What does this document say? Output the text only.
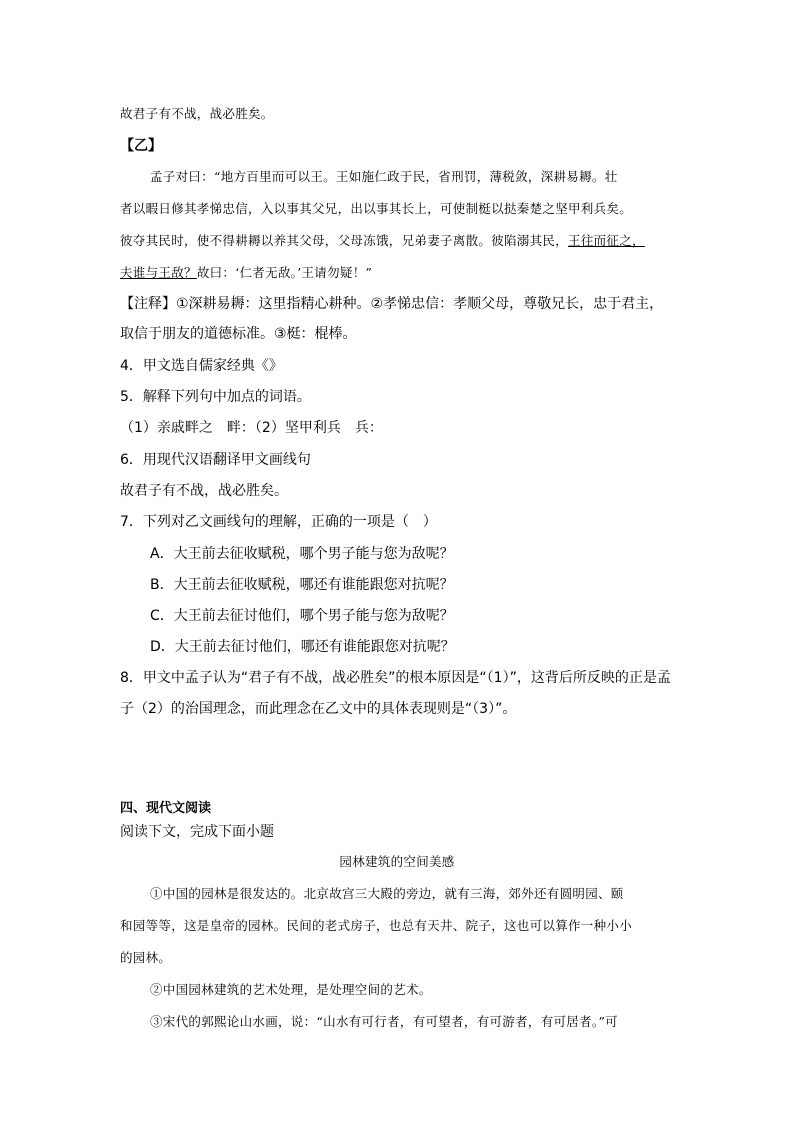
故君子有不战，战必胜矣。
【乙】
孟子对曰：“地方百里而可以王。王如施仁政于民，省刑罚，薄税敛，深耕易耨。壮
者以暇日修其孝悌忠信，入以事其父兄，出以事其长上，可使制梃以挞秦楚之坚甲利兵矣。
彼夺其民时，使不得耕耨以养其父母，父母冻饿，兄弟妻子离散。彼陷溺其民，王往而征之，
夫谁与王敌？故曰：‘仁者无敌。’王请勿疑！”
【注释】①深耕易耨：这里指精心耕种。②孝悌忠信：孝顺父母，尊敬兄长，忠于君主，
取信于朋友的道德标准。③梃：棍棒。
4．甲文选自儒家经典《》
5．解释下列句中加点的词语。
（1）亲戚畔之　畔：（2）坚甲利兵　兵：
6．用现代汉语翻译甲文画线句
故君子有不战，战必胜矣。
7．下列对乙文画线句的理解，正确的一项是（　）
A．大王前去征收赋税，哪个男子能与您为敌呢？
B．大王前去征收赋税，哪还有谁能跟您对抗呢？
C．大王前去征讨他们，哪个男子能与您为敌呢？
D．大王前去征讨他们，哪还有谁能跟您对抗呢？
8．甲文中孟子认为“君子有不战，战必胜矣”的根本原因是“（1）”，这背后所反映的正是孟
子（2）的治国理念，而此理念在乙文中的具体表现则是“（3）”。
四、现代文阅读
阅读下文，完成下面小题
园林建筑的空间美感
①中国的园林是很发达的。北京故宫三大殿的旁边，就有三海，郊外还有圆明园、颐
和园等等，这是皇帝的园林。民间的老式房子，也总有天井、院子，这也可以算作一种小小
的园林。
②中国园林建筑的艺术处理，是处理空间的艺术。
③宋代的郭熙论山水画，说：“山水有可行者，有可望者，有可游者，有可居者。”可
